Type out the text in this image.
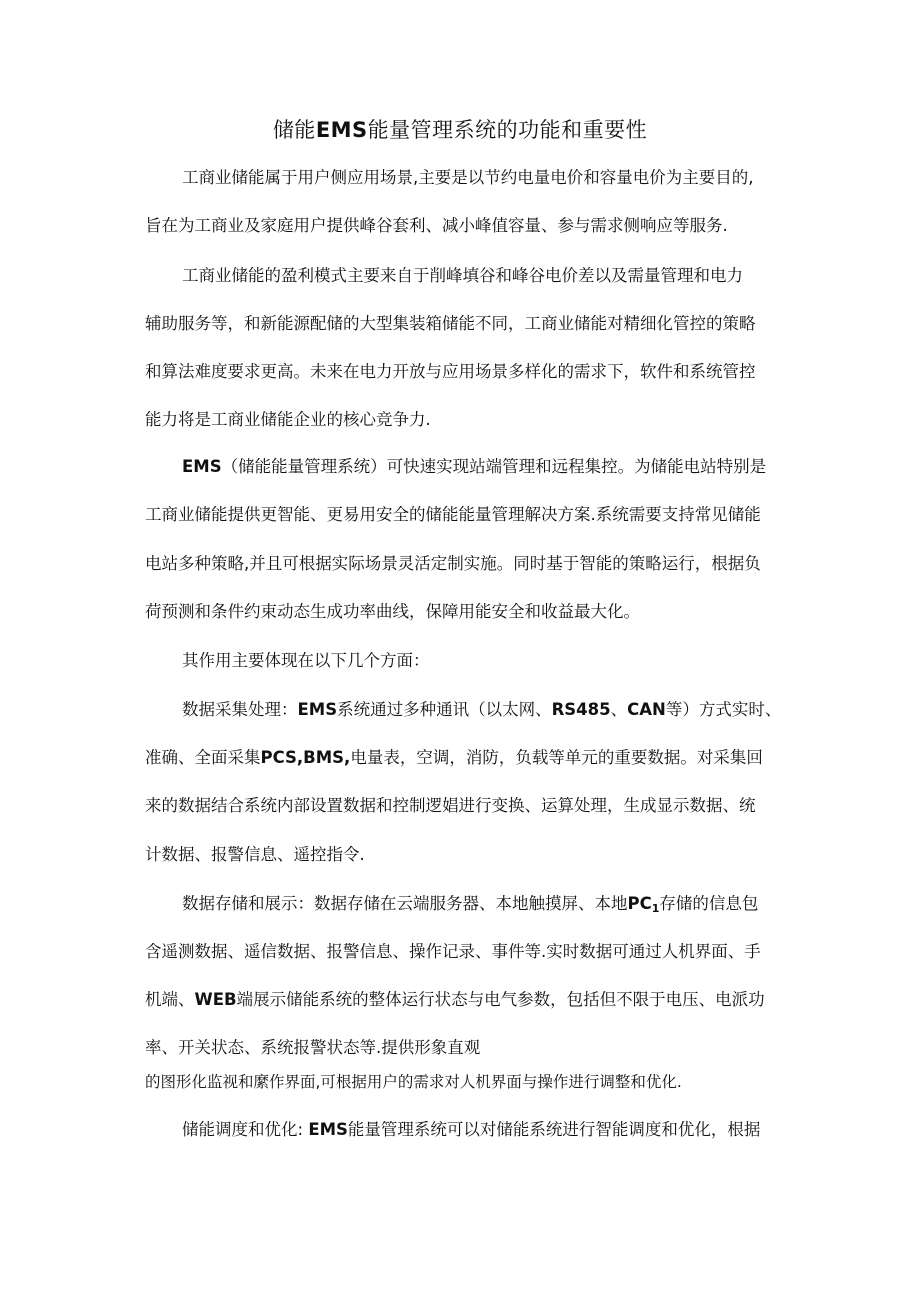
储能EMS能量管理系统的功能和重要性

工商业储能属于用户侧应用场景,主要是以节约电量电价和容量电价为主要目的,

旨在为工商业及家庭用户提供峰谷套利、减小峰值容量、参与需求侧响应等服务.

工商业储能的盈利模式主要来自于削峰填谷和峰谷电价差以及需量管理和电力

辅助服务等，和新能源配储的大型集装箱储能不同，工商业储能对精细化管控的策略

和算法难度要求更高。未来在电力开放与应用场景多样化的需求下，软件和系统管控

能力将是工商业储能企业的核心竞争力.

EMS（储能能量管理系统）可快速实现站端管理和远程集控。为储能电站特别是

工商业储能提供更智能、更易用安全的储能能量管理解决方案.系统需要支持常见储能

电站多种策略,并且可根据实际场景灵活定制实施。同时基于智能的策略运行，根据负

荷预测和条件约束动态生成功率曲线，保障用能安全和收益最大化。

其作用主要体现在以下几个方面：

数据采集处理：EMS系统通过多种通讯（以太网、RS485、CAN等）方式实时、

准确、全面采集PCS,BMS,电量表，空调，消防，负载等单元的重要数据。对采集回

来的数据结合系统内部设置数据和控制逻娼进行变换、运算处理，生成显示数据、统

计数据、报警信息、遥控指令.

数据存储和展示：数据存储在云端服务器、本地触摸屏、本地$PC_1$存储的信息包

含遥测数据、遥信数据、报警信息、操作记录、事件等.实时数据可通过人机界面、手

机端、WEB端展示储能系统的整体运行状态与电气参数，包括但不限于电压、电派功

率、开关状态、系统报警状态等.提供形象直观

的图形化监视和縻作界面,可根据用户的需求对人机界面与操作进行调整和优化.

储能调度和优化: EMS能量管理系统可以对储能系统进行智能调度和优化，根据
